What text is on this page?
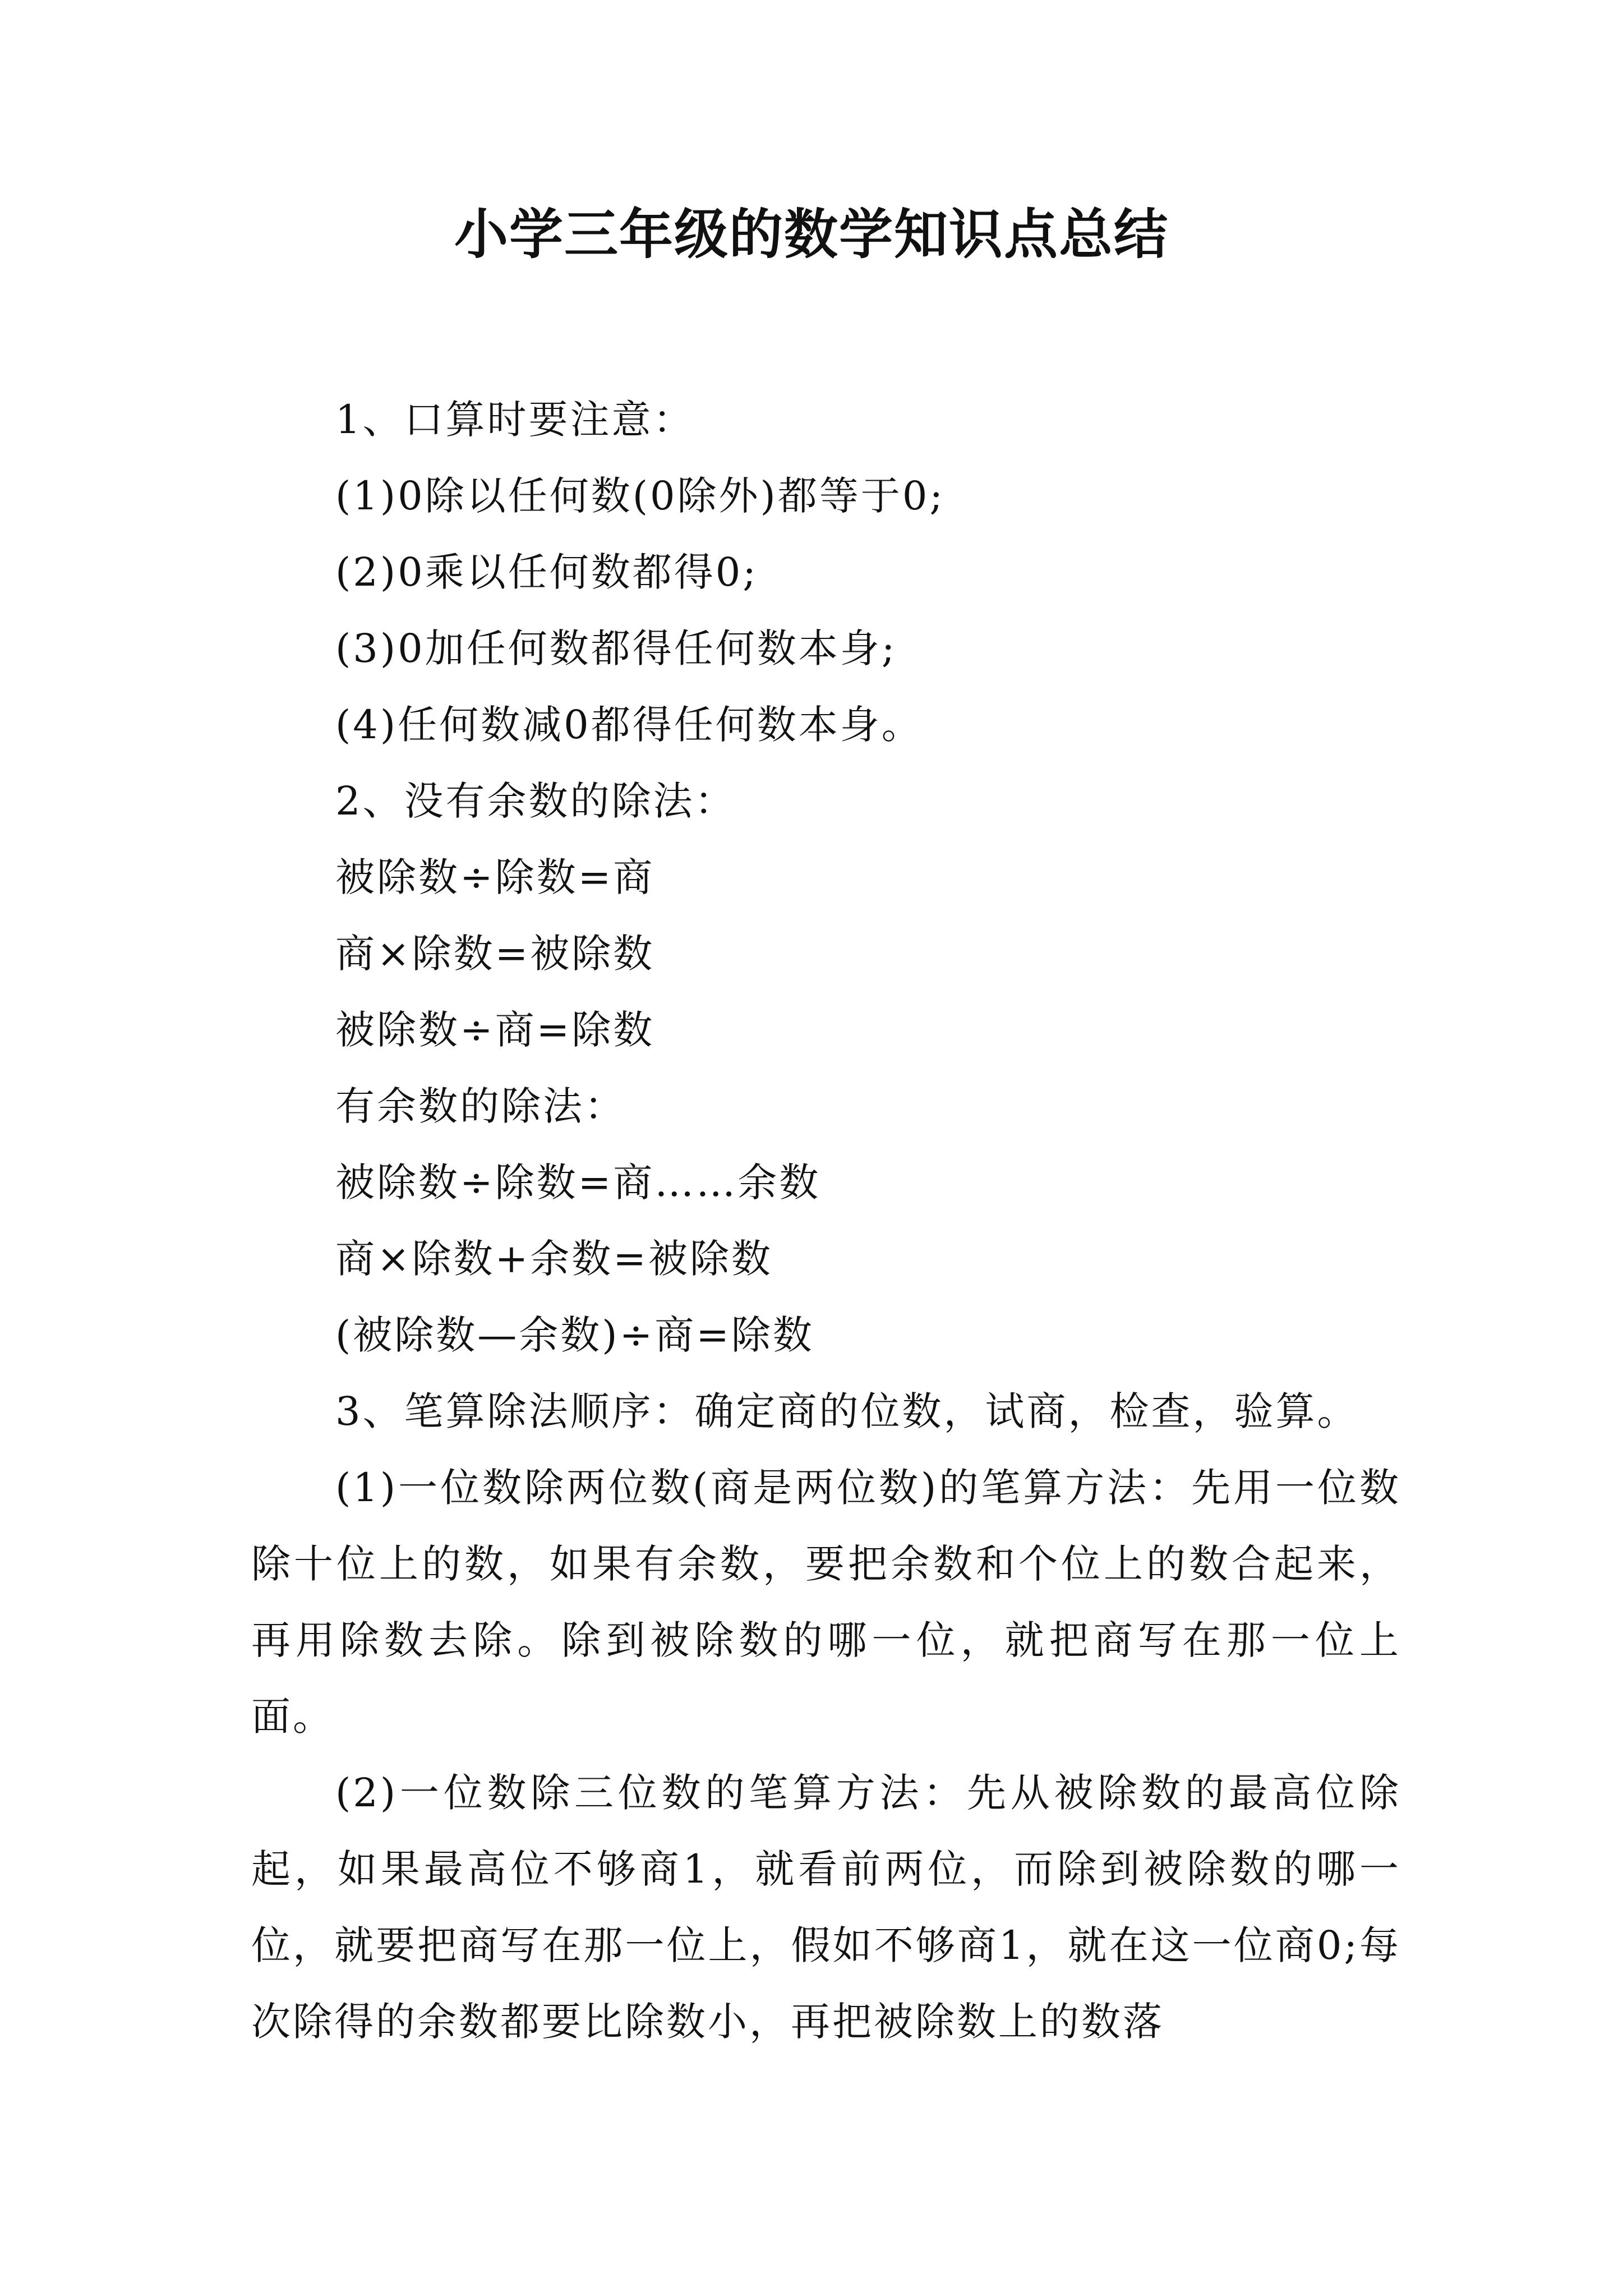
小学三年级的数学知识点总结
1、口算时要注意：
(1)0除以任何数(0除外)都等于0;
(2)0乘以任何数都得0;
(3)0加任何数都得任何数本身;
(4)任何数减0都得任何数本身。
2、没有余数的除法：
被除数÷除数=商
商×除数=被除数
被除数÷商=除数
有余数的除法：
被除数÷除数=商……余数
商×除数+余数=被除数
(被除数—余数)÷商=除数
3、笔算除法顺序：确定商的位数，试商，检查，验算。

(1)一位数除两位数(商是两位数)的笔算方法：先用一位数除十位上的数，如果有余数，要把余数和个位上的数合起来，再用除数去除。除到被除数的哪一位，就把商写在那一位上面。

(2)一位数除三位数的笔算方法：先从被除数的最高位除起，如果最高位不够商1，就看前两位，而除到被除数的哪一位，就要把商写在那一位上，假如不够商1，就在这一位商0;每次除得的余数都要比除数小，再把被除数上的数落
